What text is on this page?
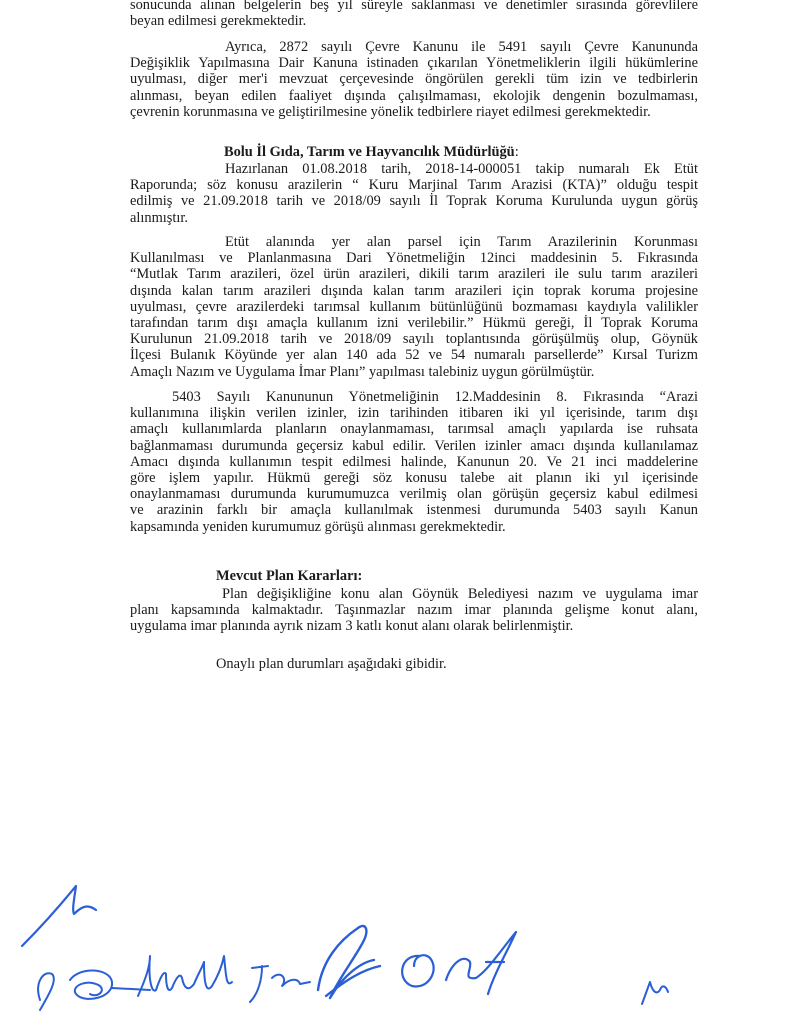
sonucunda alınan belgelerin beş yıl süreyle saklanması ve denetimler sırasında görevlilere
beyan edilmesi gerekmektedir.
Ayrıca, 2872 sayılı Çevre Kanunu ile 5491 sayılı Çevre Kanununda
Değişiklik Yapılmasına Dair Kanuna istinaden çıkarılan Yönetmeliklerin ilgili hükümlerine
uyulması, diğer mer'i mevzuat çerçevesinde öngörülen gerekli tüm izin ve tedbirlerin
alınması, beyan edilen faaliyet dışında çalışılmaması, ekolojik dengenin bozulmaması,
çevrenin korunmasına ve geliştirilmesine yönelik tedbirlere riayet edilmesi gerekmektedir.
Bolu İl Gıda, Tarım ve Hayvancılık Müdürlüğü:
Hazırlanan 01.08.2018 tarih, 2018-14-000051 takip numaralı Ek Etüt
Raporunda; söz konusu arazilerin “ Kuru Marjinal Tarım Arazisi (KTA)” olduğu tespit
edilmiş ve 21.09.2018 tarih ve 2018/09 sayılı İl Toprak Koruma Kurulunda uygun görüş
alınmıştır.
Etüt alanında yer alan parsel için Tarım Arazilerinin Korunması
Kullanılması ve Planlanmasına Dari Yönetmeliğin 12inci maddesinin 5. Fıkrasında
“Mutlak Tarım arazileri, özel ürün arazileri, dikili tarım arazileri ile sulu tarım arazileri
dışında kalan tarım arazileri dışında kalan tarım arazileri için toprak koruma projesine
uyulması, çevre arazilerdeki tarımsal kullanım bütünlüğünü bozmaması kaydıyla valilikler
tarafından tarım dışı amaçla kullanım izni verilebilir.” Hükmü gereği, İl Toprak Koruma
Kurulunun 21.09.2018 tarih ve 2018/09 sayılı toplantısında görüşülmüş olup, Göynük
İlçesi Bulanık Köyünde yer alan 140 ada 52 ve 54 numaralı parsellerde” Kırsal Turizm
Amaçlı Nazım ve Uygulama İmar Planı” yapılması talebiniz uygun görülmüştür.
5403 Sayılı Kanununun Yönetmeliğinin 12.Maddesinin 8. Fıkrasında “Arazi
kullanımına ilişkin verilen izinler, izin tarihinden itibaren iki yıl içerisinde, tarım dışı
amaçlı kullanımlarda planların onaylanmaması, tarımsal amaçlı yapılarda ise ruhsata
bağlanmaması durumunda geçersiz kabul edilir. Verilen izinler amacı dışında kullanılamaz
Amacı dışında kullanımın tespit edilmesi halinde, Kanunun 20. Ve 21 inci maddelerine
göre işlem yapılır. Hükmü gereği söz konusu talebe ait planın iki yıl içerisinde
onaylanmaması durumunda kurumumuzca verilmiş olan görüşün geçersiz kabul edilmesi
ve arazinin farklı bir amaçla kullanılmak istenmesi durumunda 5403 sayılı Kanun
kapsamında yeniden kurumumuz görüşü alınması gerekmektedir.
Mevcut Plan Kararları:
Plan değişikliğine konu alan Göynük Belediyesi nazım ve uygulama imar
planı kapsamında kalmaktadır. Taşınmazlar nazım imar planında gelişme konut alanı,
uygulama imar planında ayrık nizam 3 katlı konut alanı olarak belirlenmiştir.
Onaylı plan durumları aşağıdaki gibidir.
